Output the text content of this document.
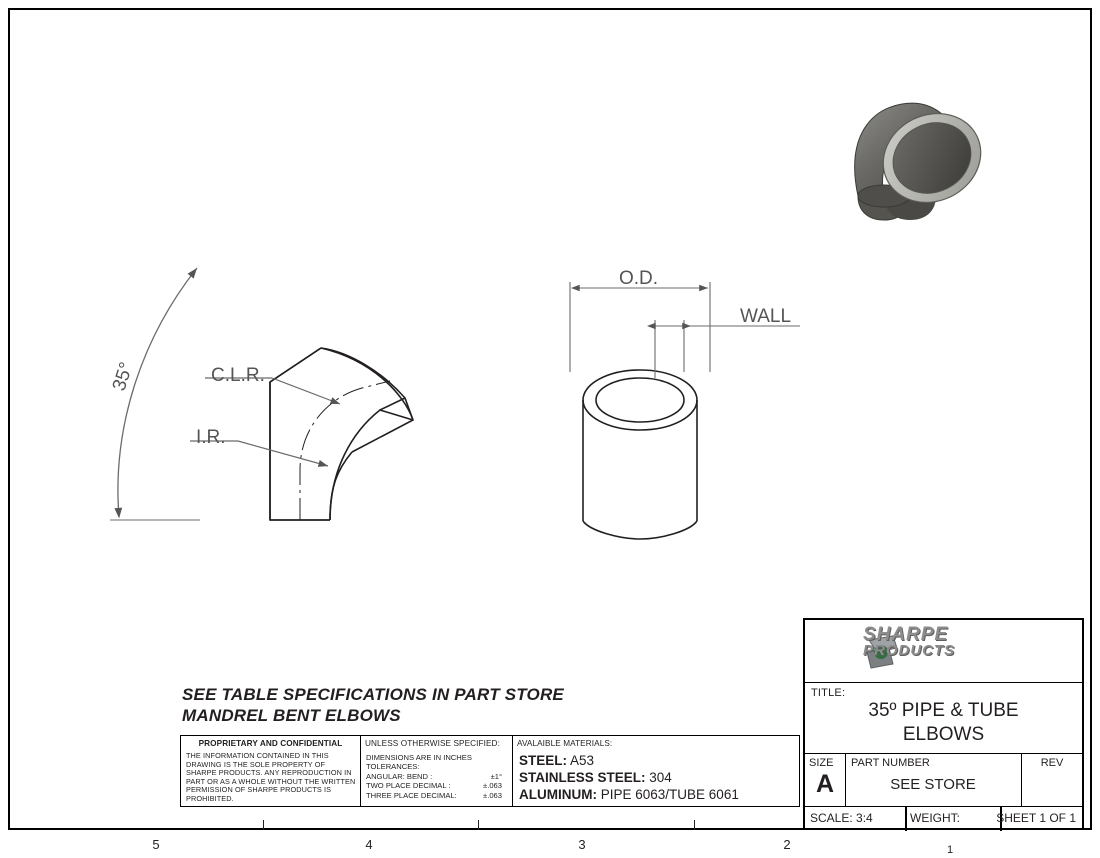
35°	C.L.R.
I.R.
O.D.
WALL
SEE TABLE SPECIFICATIONS IN PART STORE
MANDREL BENT ELBOWS
PROPRIETARY AND CONFIDENTIAL
THE INFORMATION CONTAINED IN THIS DRAWING IS THE SOLE PROPERTY OF SHARPE PRODUCTS. ANY REPRODUCTION IN PART OR AS A WHOLE WITHOUT THE WRITTEN PERMISSION OF SHARPE PRODUCTS IS PROHIBITED.
UNLESS OTHERWISE SPECIFIED:
DIMENSIONS ARE IN INCHES
TOLERANCES:
ANGULAR: BEND :	±1°
TWO PLACE DECIMAL :	±.063
THREE PLACE DECIMAL:	±.063
AVALAIBLE MATERIALS:
STEEL: A53
STAINLESS STEEL: 304
ALUMINUM: PIPE 6063/TUBE 6061
SHARPE
PRODUCTS
TITLE:
35º PIPE & TUBE
ELBOWS
SIZE
A
PART NUMBER
SEE STORE
REV
SCALE: 3:4	WEIGHT:	SHEET 1 OF 1
5	4	3	2	1
